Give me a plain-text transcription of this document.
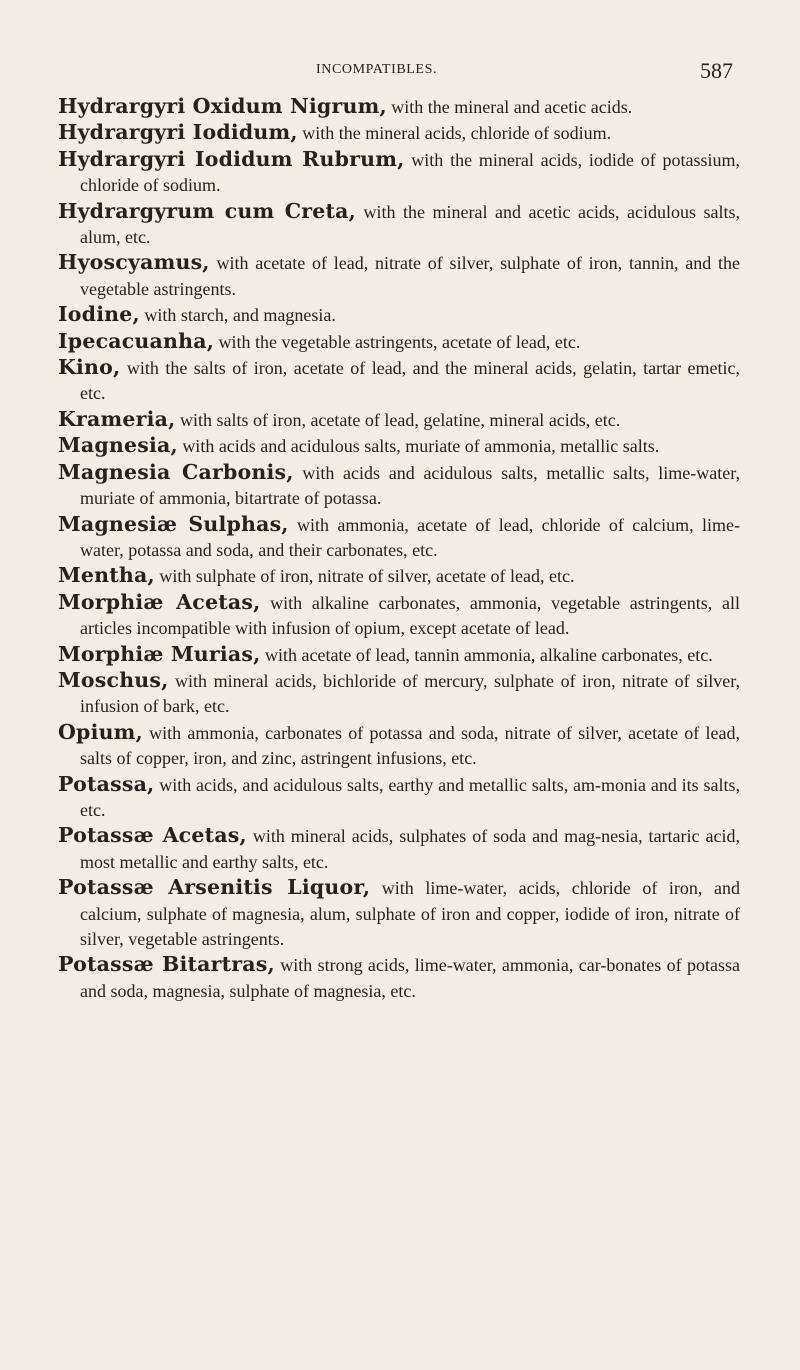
INCOMPATIBLES.	587

Hydrargyri Oxidum Nigrum, with the mineral and acetic acids.

Hydrargyri Iodidum, with the mineral acids, chloride of sodium.

Hydrargyri Iodidum Rubrum, with the mineral acids, iodide of potassium, chloride of sodium.

Hydrargyrum cum Creta, with the mineral and acetic acids, acidulous salts, alum, etc.

Hyoscyamus, with acetate of lead, nitrate of silver, sulphate of iron, tannin, and the vegetable astringents.

Iodine, with starch, and magnesia.

Ipecacuanha, with the vegetable astringents, acetate of lead, etc.

Kino, with the salts of iron, acetate of lead, and the mineral acids, gelatin, tartar emetic, etc.

Krameria, with salts of iron, acetate of lead, gelatine, mineral acids, etc.

Magnesia, with acids and acidulous salts, muriate of ammonia, metallic salts.

Magnesia Carbonis, with acids and acidulous salts, metallic salts, lime-water, muriate of ammonia, bitartrate of potassa.

Magnesiæ Sulphas, with ammonia, acetate of lead, chloride of calcium, lime-water, potassa and soda, and their carbonates, etc.

Mentha, with sulphate of iron, nitrate of silver, acetate of lead, etc.

Morphiæ Acetas, with alkaline carbonates, ammonia, vegetable astringents, all articles incompatible with infusion of opium, except acetate of lead.

Morphiæ Murias, with acetate of lead, tannin ammonia, alkaline carbonates, etc.

Moschus, with mineral acids, bichloride of mercury, sulphate of iron, nitrate of silver, infusion of bark, etc.

Opium, with ammonia, carbonates of potassa and soda, nitrate of silver, acetate of lead, salts of copper, iron, and zinc, astringent infusions, etc.

Potassa, with acids, and acidulous salts, earthy and metallic salts, am-monia and its salts, etc.

Potassæ Acetas, with mineral acids, sulphates of soda and mag-nesia, tartaric acid, most metallic and earthy salts, etc.

Potassæ Arsenitis Liquor, with lime-water, acids, chloride of iron, and calcium, sulphate of magnesia, alum, sulphate of iron and copper, iodide of iron, nitrate of silver, vegetable astringents.

Potassæ Bitartras, with strong acids, lime-water, ammonia, car-bonates of potassa and soda, magnesia, sulphate of magnesia, etc.
